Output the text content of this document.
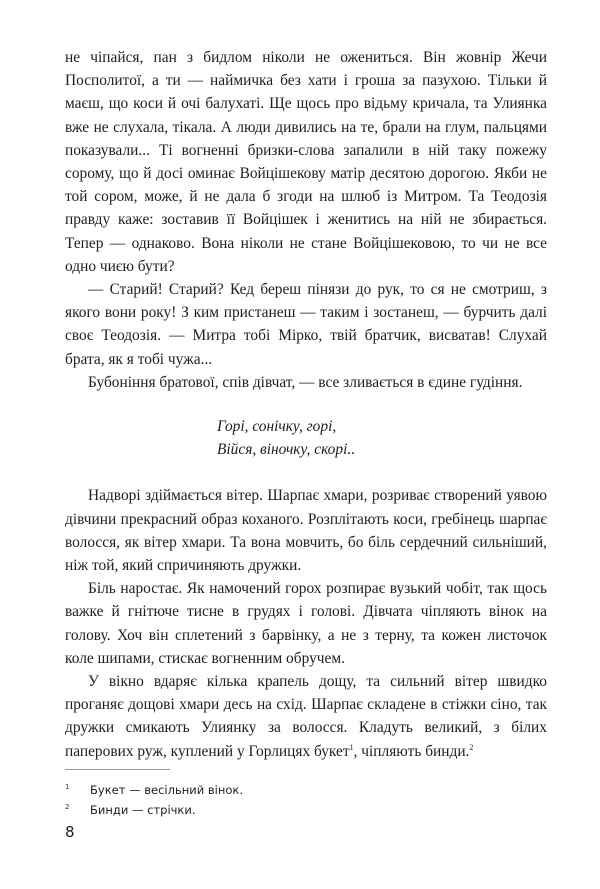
не чіпайся, пан з бидлом ніколи не ожениться. Він жовнір Жечи Посполитої, а ти — наймичка без хати і гроша за пазухою. Тільки й маєш, що коси й очі балухаті. Ще щось про відьму кричала, та Улиянка вже не слухала, тікала. А люди дивились на те, брали на глум, пальцями показували... Ті вогненні бризки-слова запалили в ній таку пожежу сорому, що й досі оминає Войцішекову матір десятою дорогою. Якби не той сором, може, й не дала б згоди на шлюб із Митром. Та Теодозія правду каже: зоставив її Войцішек і женитись на ній не збирається. Тепер — однаково. Вона ніколи не стане Войцішековою, то чи не все одно чиєю бути?

— Старий! Старий? Кед береш пінязи до рук, то ся не смотриш, з якого вони року! З ким пристанеш — таким і зостанеш, — бурчить далі своє Теодозія. — Митра тобі Мірко, твій братчик, висватав! Слухай брата, як я тобі чужа...

Бубоніння братової, спів дівчат, — все зливається в єдине гудіння.

Горі, сонічку, горі,
Війся, віночку, скорі..

Надворі здіймається вітер. Шарпає хмари, розриває створений уявою дівчини прекрасний образ коханого. Розплітають коси, гребінець шарпає волосся, як вітер хмари. Та вона мовчить, бо біль сердечний сильніший, ніж той, який спричиняють дружки.

Біль наростає. Як намочений горох розпирає вузький чобіт, так щось важке й гнітюче тисне в грудях і голові. Дівчата чіпляють вінок на голову. Хоч він сплетений з барвінку, а не з терну, та кожен листочок коле шипами, стискає вогненним обручем.

У вікно вдаряє кілька крапель дощу, та сильний вітер швидко проганяє дощові хмари десь на схід. Шарпає складене в стіжки сіно, так дружки смикають Улиянку за волосся. Кладуть великий, з білих паперових руж, куплений у Горлицях букет$^1$, чіпляють бинди.$^2$

1	Букет — весільний вінок.
2	Бинди — стрічки.
8
